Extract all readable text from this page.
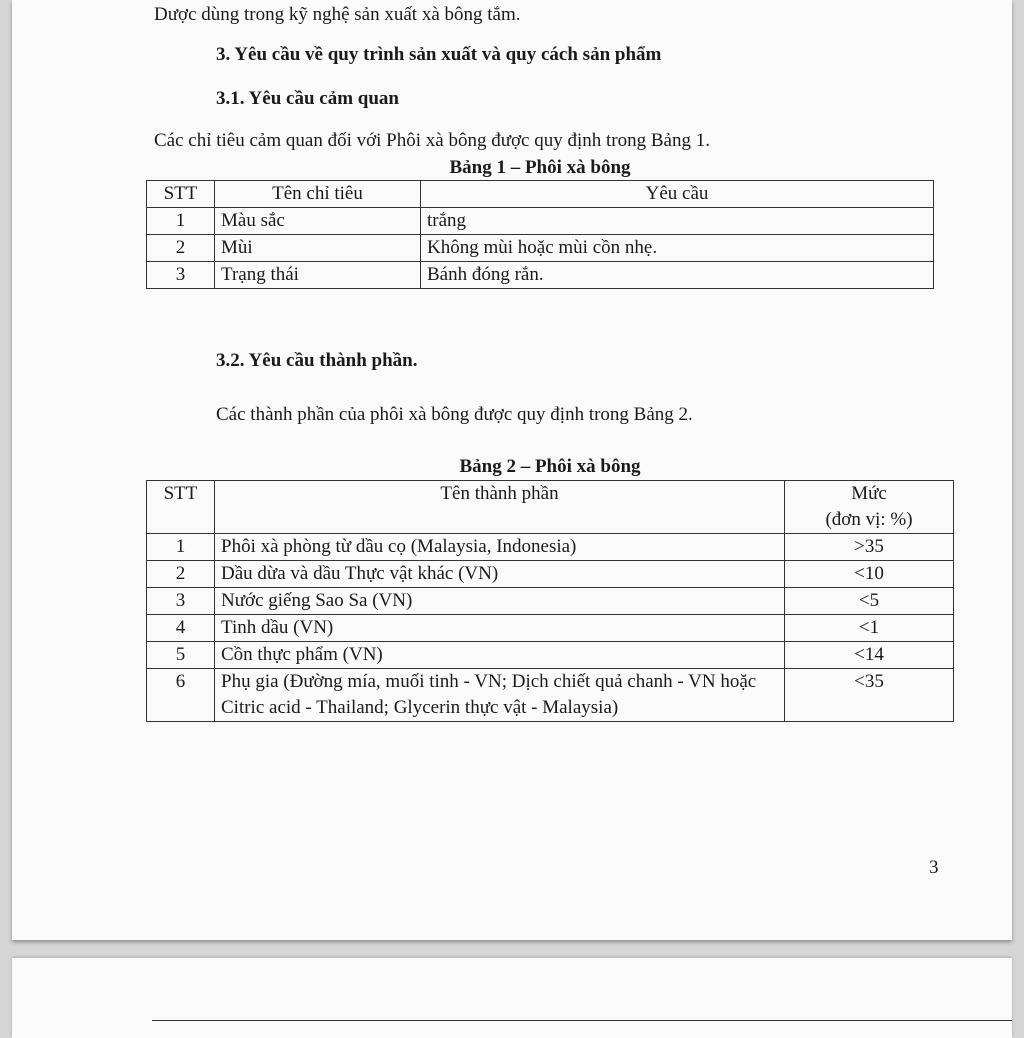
Dược dùng trong kỹ nghệ sản xuất xà bông tắm.
3. Yêu cầu về quy trình sản xuất và quy cách sản phẩm
3.1. Yêu cầu cảm quan
Các chỉ tiêu cảm quan đối với Phôi xà bông được quy định trong Bảng 1.
Bảng 1 – Phôi xà bông
STT	Tên chỉ tiêu	Yêu cầu
1	Màu sắc	trắng
2	Mùi	Không mùi hoặc mùi cồn nhẹ.
3	Trạng thái	Bánh đóng rắn.
3.2. Yêu cầu thành phần.
Các thành phần của phôi xà bông được quy định trong Bảng 2.
Bảng 2 – Phôi xà bông
STT	Tên thành phần	Mức
(đơn vị: %)

1	Phôi xà phòng từ dầu cọ (Malaysia, Indonesia)	>35
2	Dầu dừa và dầu Thực vật khác (VN)	<10
3	Nước giếng Sao Sa (VN)	<5
4	Tinh dầu (VN)	<1
5	Cồn thực phẩm (VN)	<14
6	Phụ gia (Đường mía, muối tinh - VN; Dịch chiết quả chanh - VN hoặc Citric acid - Thailand; Glycerin thực vật - Malaysia)	<35
3
